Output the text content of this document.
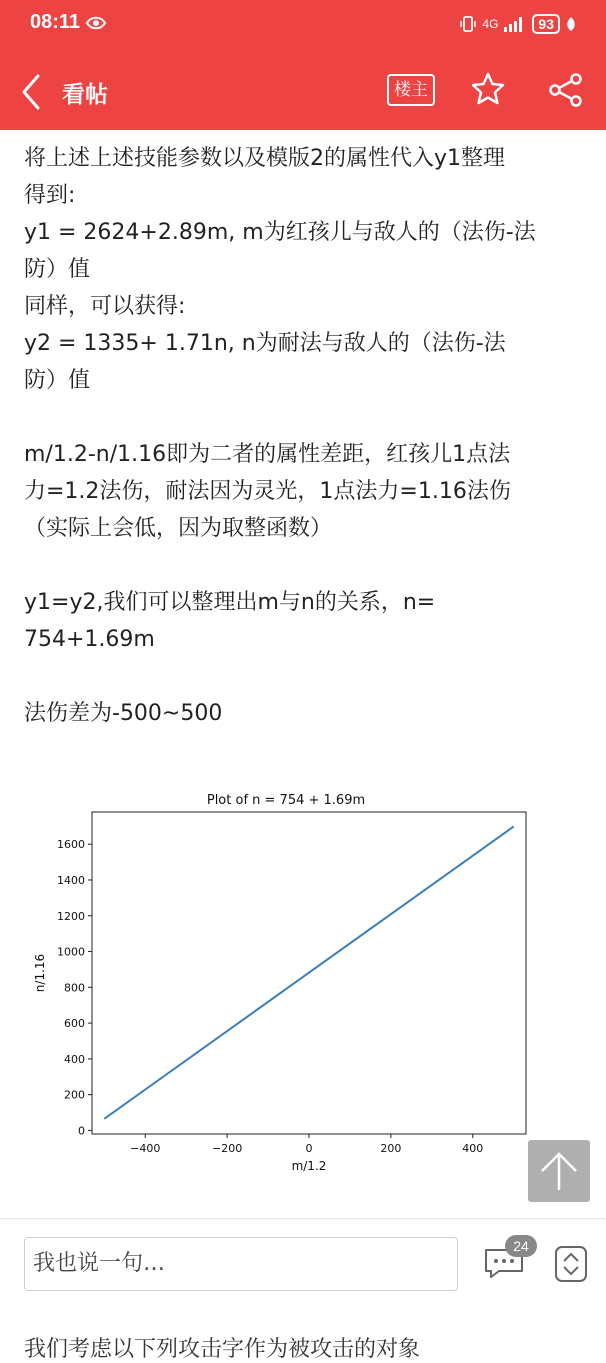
08:11	4G	93
看帖	楼主
将上述上述技能参数以及模版2的属性代入y1整理
得到:
y1 = 2624+2.89m, m为红孩儿与敌人的（法伤-法
防）值
同样，可以获得:
y2 = 1335+ 1.71n, n为耐法与敌人的（法伤-法
防）值

m/1.2-n/1.16即为二者的属性差距，红孩儿1点法
力=1.2法伤，耐法因为灵光，1点法力=1.16法伤
（实际上会低，因为取整函数）

y1=y2,我们可以整理出m与n的关系，n=
754+1.69m

法伤差为-500~500
Plot of n = 754 + 1.69m
−400	−200	0	200	400
0
200
400
600
800
1000
1200
1400
1600
m/1.2
n/1.16
我们考虑以下列攻击字作为被攻击的对象
我也说一句…
24
